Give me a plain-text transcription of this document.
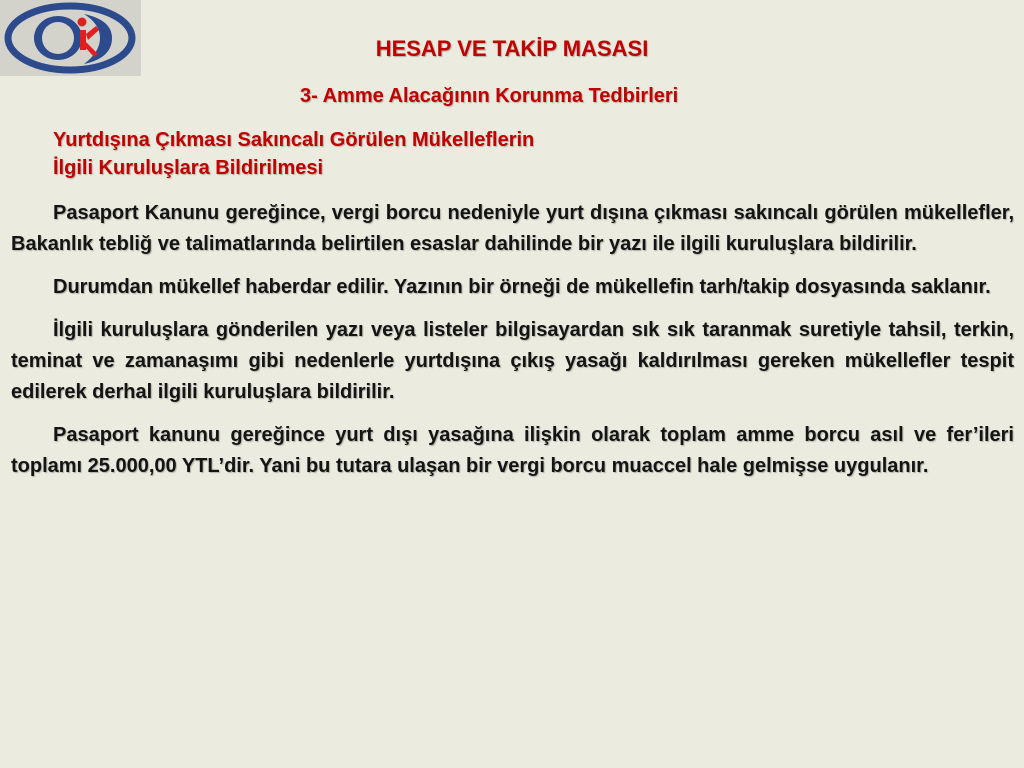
HESAP VE TAKİP MASASI
3- Amme Alacağının Korunma Tedbirleri
Yurtdışına Çıkması Sakıncalı Görülen Mükelleflerin
İlgili Kuruluşlara Bildirilmesi

Pasaport Kanunu gereğince, vergi borcu nedeniyle yurt dışına çıkması sakıncalı görülen mükellefler, Bakanlık tebliğ ve talimatlarında belirtilen esaslar dahilinde bir yazı ile ilgili kuruluşlara bildirilir.

Durumdan mükellef haberdar edilir. Yazının bir örneği de mükellefin tarh/takip dosyasında saklanır.

İlgili kuruluşlara gönderilen yazı veya listeler bilgisayardan sık sık taranmak suretiyle tahsil, terkin, teminat ve zamanaşımı gibi nedenlerle yurtdışına çıkış yasağı kaldırılması gereken mükellefler tespit edilerek derhal ilgili kuruluşlara bildirilir.

Pasaport kanunu gereğince yurt dışı yasağına ilişkin olarak toplam amme borcu asıl ve fer’ileri toplamı 25.000,00 YTL’dir. Yani bu tutara ulaşan bir vergi borcu muaccel hale gelmişse uygulanır.
